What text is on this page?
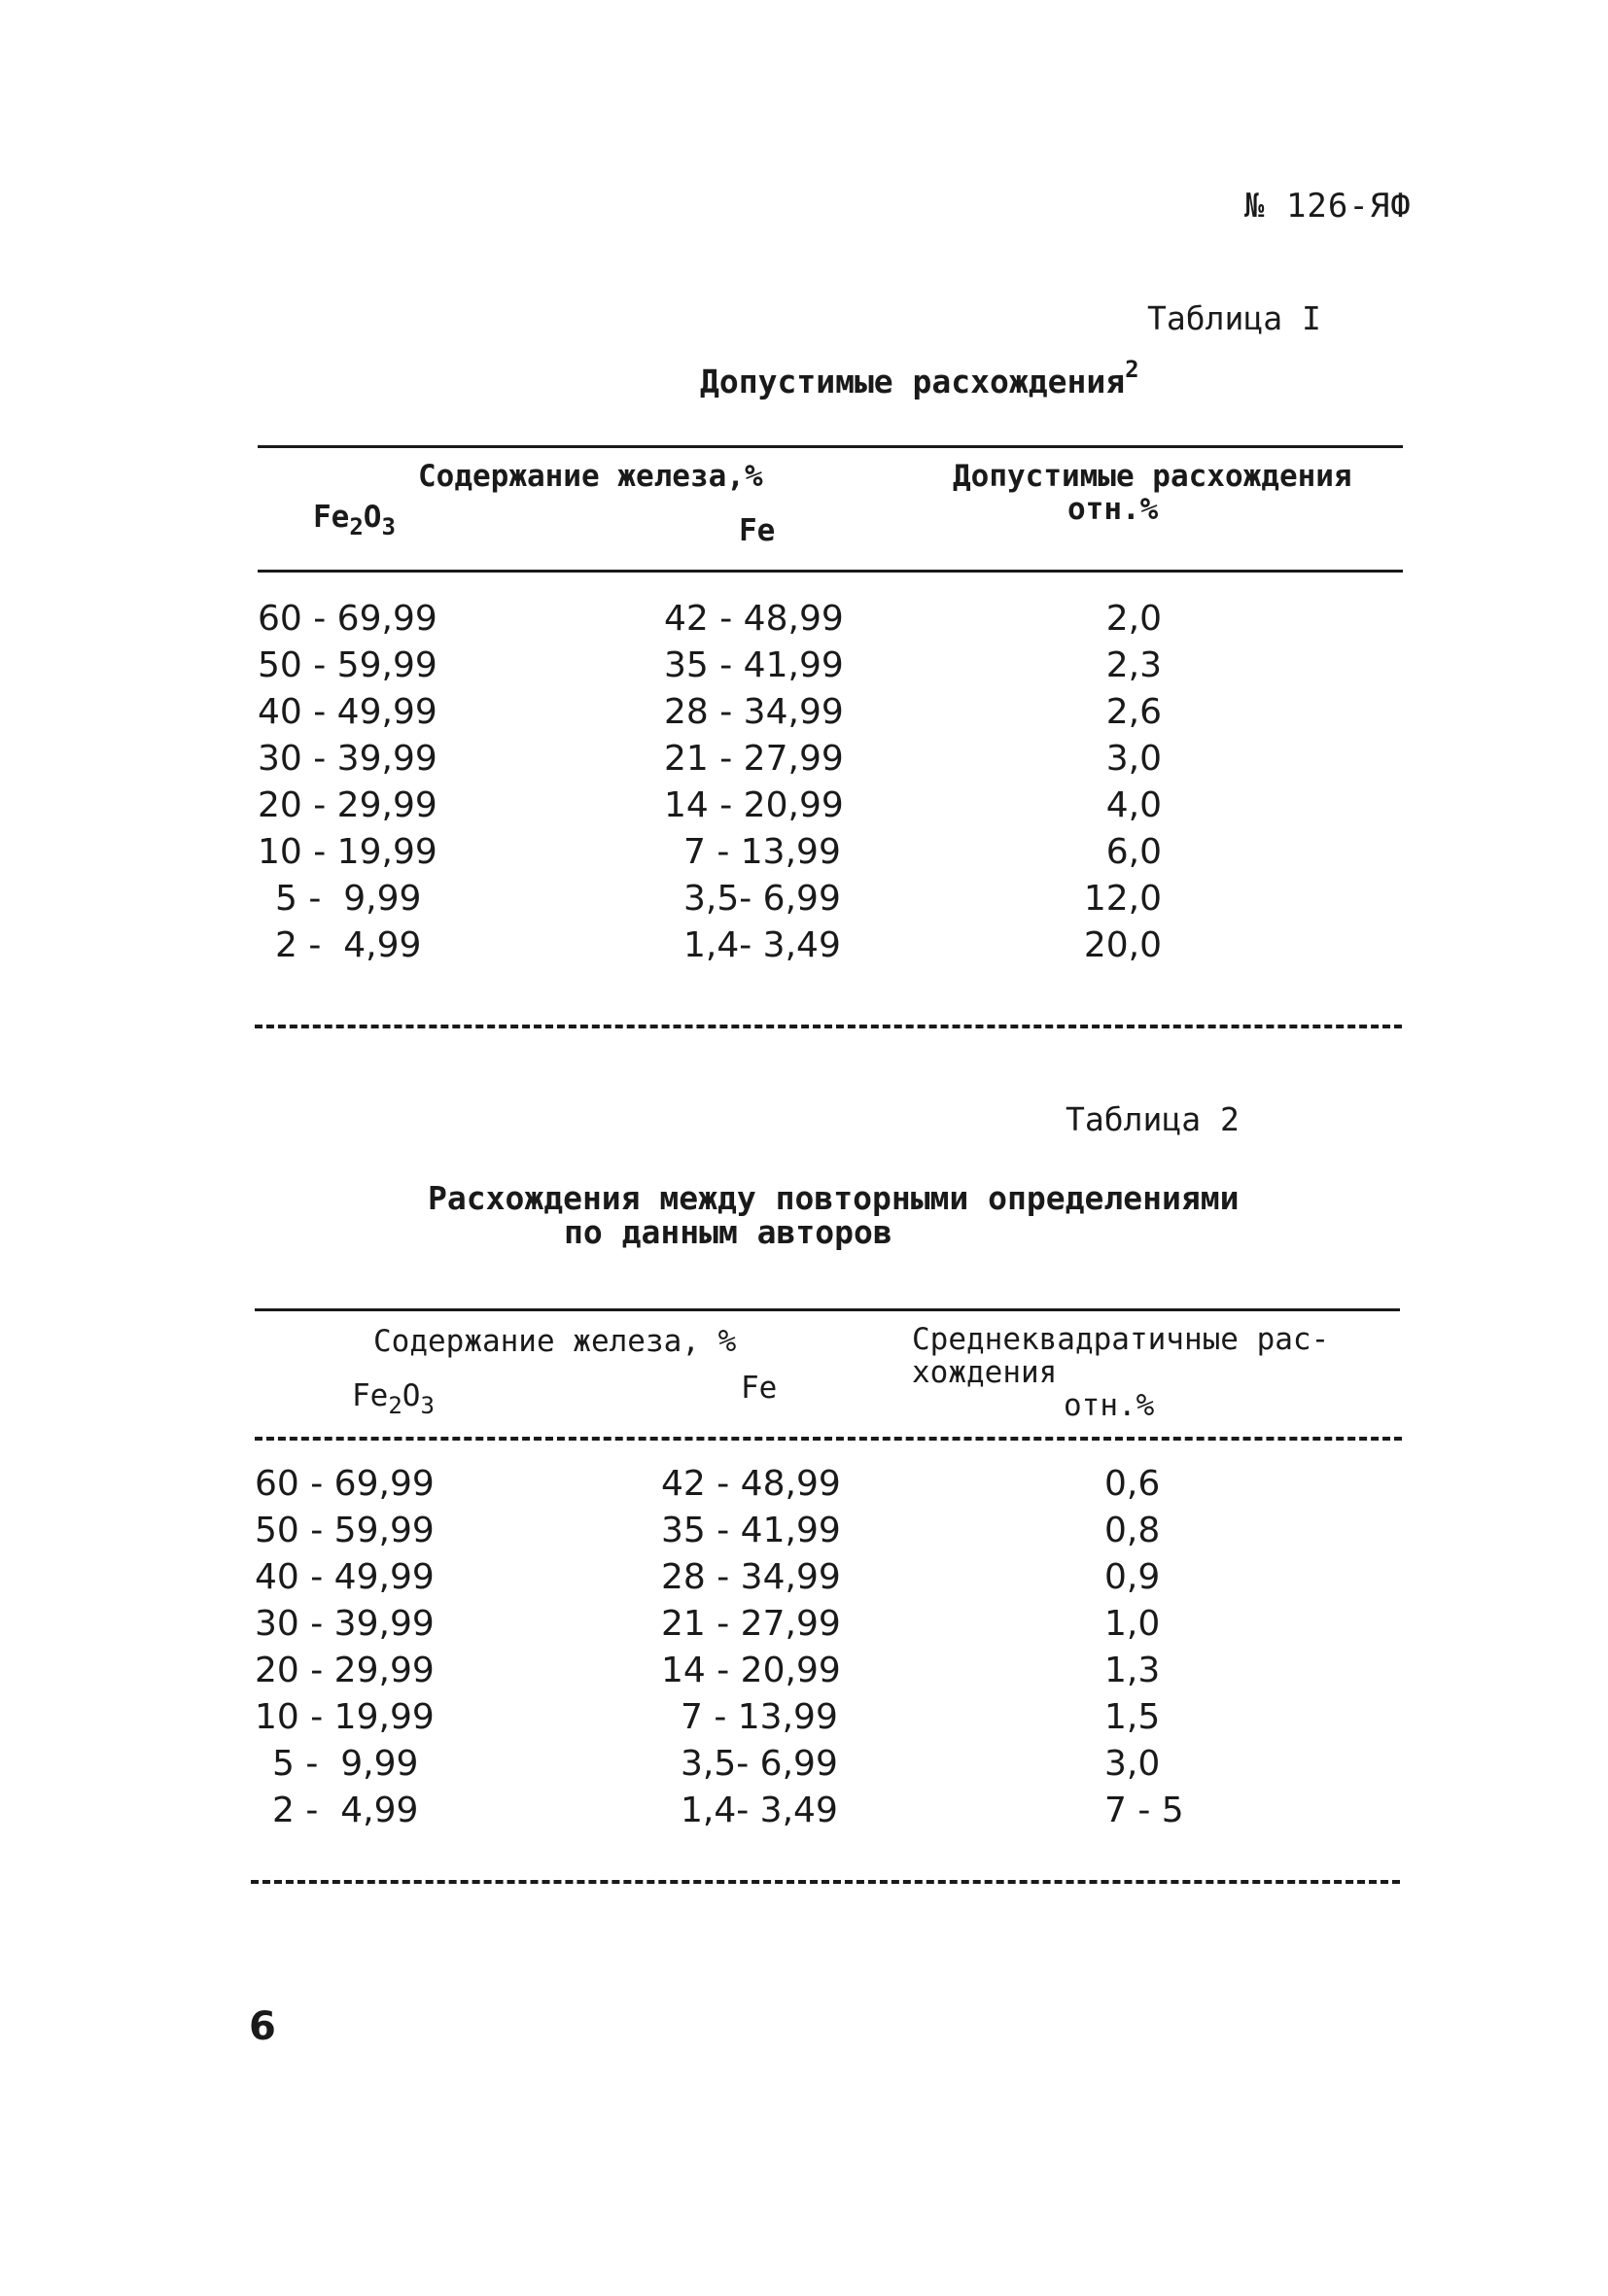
№ 126-ЯФ
Таблица I
Допустимые расхождения$^2$
Содержание железа,%
$Fe_2O_3$	Fe
Допустимые расхождения
отн.%
60 - 69,99	42 - 48,99	2,0
50 - 59,99	35 - 41,99	2,3
40 - 49,99	28 - 34,99	2,6
30 - 39,99	21 - 27,99	3,0
20 - 29,99	14 - 20,99	4,0
10 - 19,99	7 - 13,99	6,0
5 -  9,99	3,5- 6,99	12,0
2 -  4,99	1,4- 3,49	20,0
Таблица 2
Расхождения между повторными определениями
по данным авторов
Содержание железа, %
$Fe_2O_3$	Fe
Среднеквадратичные рас-
хождения
отн.%
60 - 69,99	42 - 48,99	0,6
50 - 59,99	35 - 41,99	0,8
40 - 49,99	28 - 34,99	0,9
30 - 39,99	21 - 27,99	1,0
20 - 29,99	14 - 20,99	1,3
10 - 19,99	7 - 13,99	1,5
5 -  9,99	3,5- 6,99	3,0
2 -  4,99	1,4- 3,49	7 - 5
6
